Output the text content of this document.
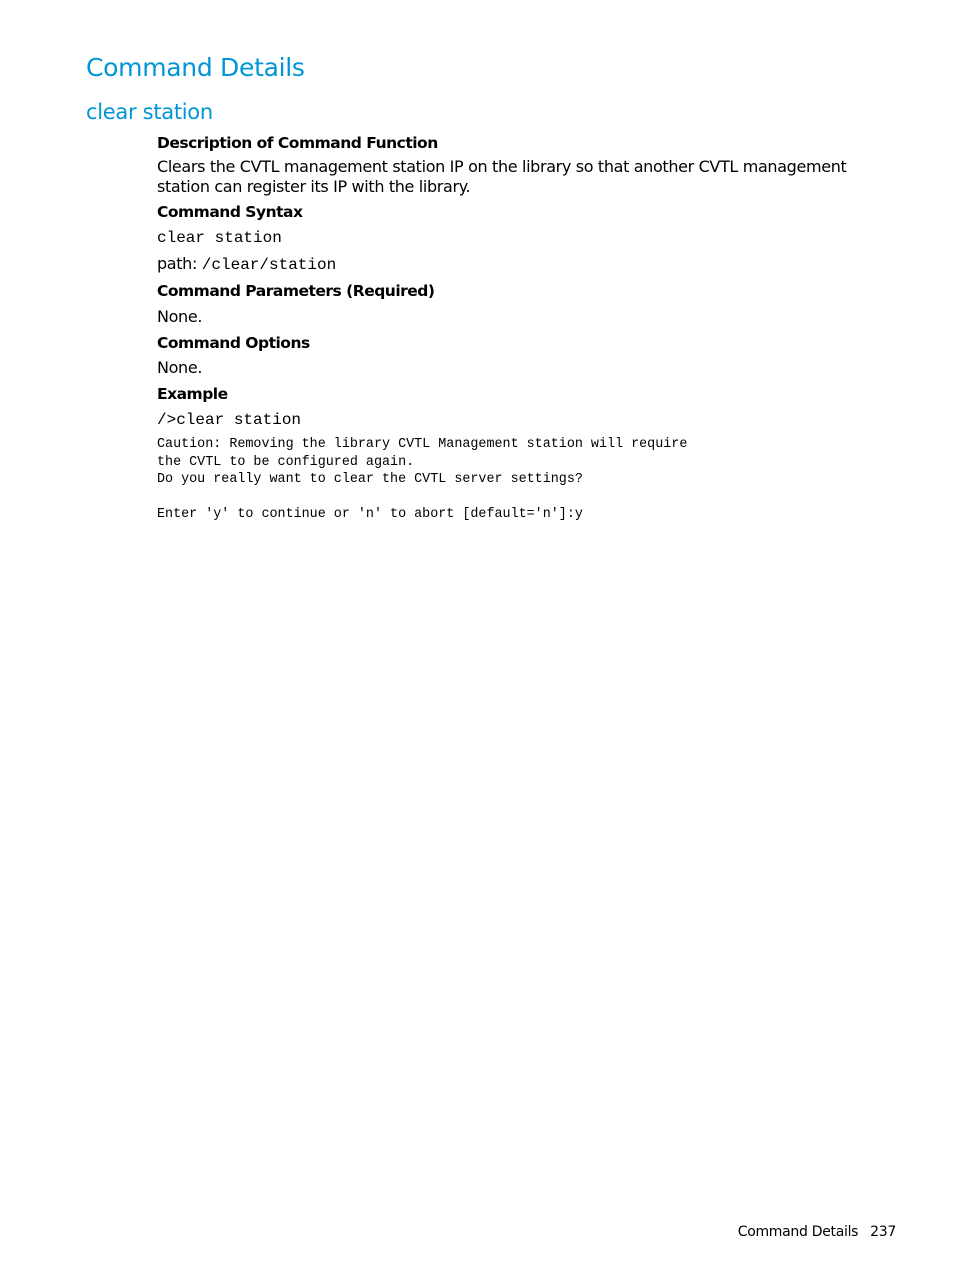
Command Details
clear station

Description of Command Function

Clears the CVTL management station IP on the library so that another CVTL management station can register its IP with the library.

Command Syntax

clear station

path: /clear/station

Command Parameters (Required)

None.

Command Options

None.

Example

/>clear station

Caution: Removing the library CVTL Management station will require
the CVTL to be configured again.
Do you really want to clear the CVTL server settings?

Enter 'y' to continue or 'n' to abort [default='n']:y
Command Details 237
